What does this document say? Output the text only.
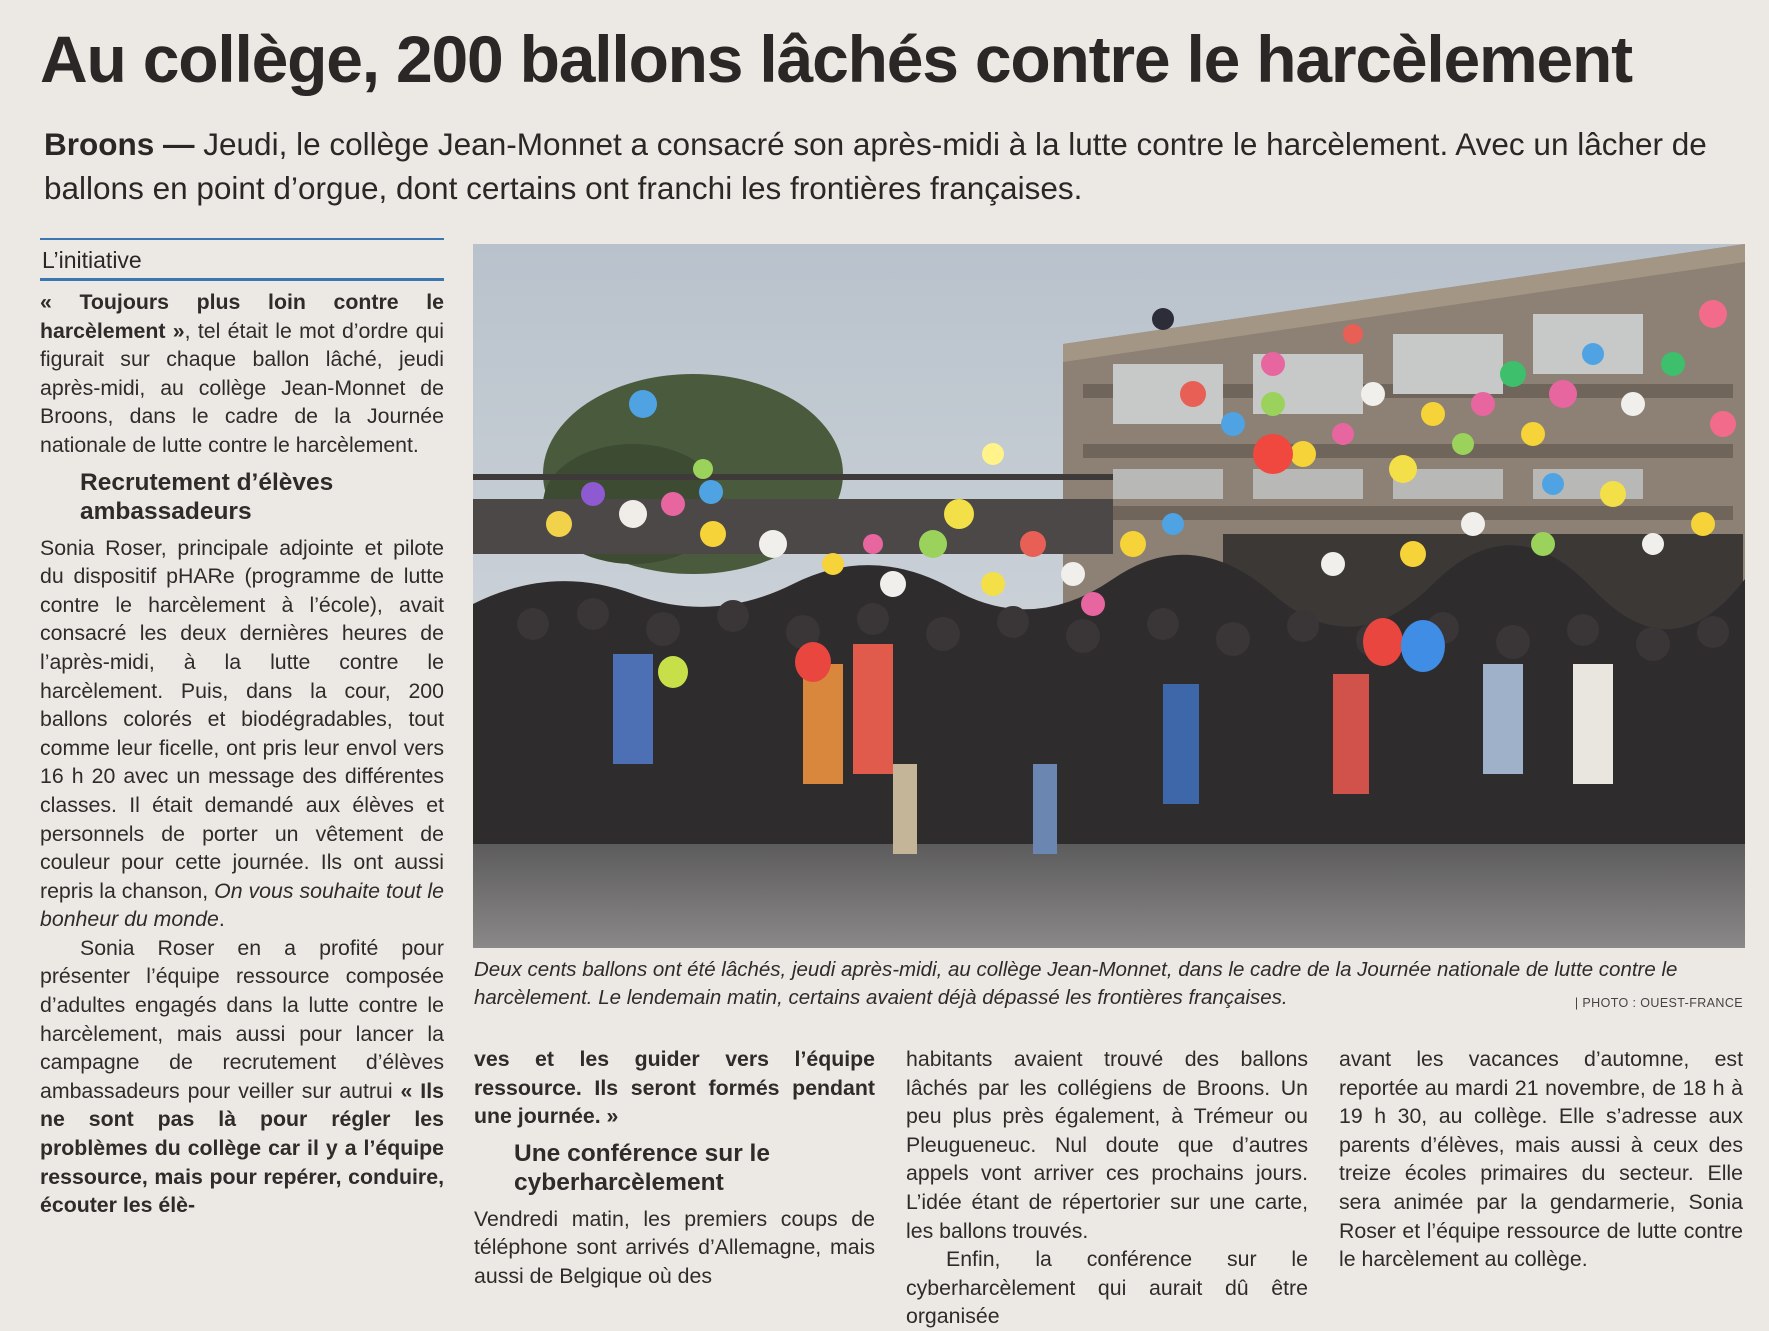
Au collège, 200 ballons lâchés contre le harcèlement

Broons — Jeudi, le collège Jean-Monnet a consacré son après-midi à la lutte contre le harcèlement. Avec un lâcher de ballons en point d’orgue, dont certains ont franchi les frontières françaises.

L’initiative

« Toujours plus loin contre le harcèlement », tel était le mot d’ordre qui figurait sur chaque ballon lâché, jeudi après-midi, au collège Jean-Monnet de Broons, dans le cadre de la Journée nationale de lutte contre le harcèlement.

Recrutement d’élèves ambassadeurs

Sonia Roser, principale adjointe et pilote du dispositif pHARe (programme de lutte contre le harcèlement à l’école), avait consacré les deux dernières heures de l’après-midi, à la lutte contre le harcèlement. Puis, dans la cour, 200 ballons colorés et biodégradables, tout comme leur ficelle, ont pris leur envol vers 16 h 20 avec un message des différentes classes. Il était demandé aux élèves et personnels de porter un vêtement de couleur pour cette journée. Ils ont aussi repris la chanson, On vous souhaite tout le bonheur du monde.

Sonia Roser en a profité pour présenter l’équipe ressource composée d’adultes engagés dans la lutte contre le harcèlement, mais aussi pour lancer la campagne de recrutement d’élèves ambassadeurs pour veiller sur autrui « Ils ne sont pas là pour régler les problèmes du collège car il y a l’équipe ressource, mais pour repérer, conduire, écouter les élè-

ves et les guider vers l’équipe ressource. Ils seront formés pendant une journée. »

Une conférence sur le cyberharcèlement

Vendredi matin, les premiers coups de téléphone sont arrivés d’Allemagne, mais aussi de Belgique où des

habitants avaient trouvé des ballons lâchés par les collégiens de Broons. Un peu plus près également, à Trémeur ou Pleugueneuc. Nul doute que d’autres appels vont arriver ces prochains jours. L’idée étant de répertorier sur une carte, les ballons trouvés.

Enfin, la conférence sur le cyberharcèlement qui aurait dû être organisée

avant les vacances d’automne, est reportée au mardi 21 novembre, de 18 h à 19 h 30, au collège. Elle s’adresse aux parents d’élèves, mais aussi à ceux des treize écoles primaires du secteur. Elle sera animée par la gendarmerie, Sonia Roser et l’équipe ressource de lutte contre le harcèlement au collège.

Deux cents ballons ont été lâchés, jeudi après-midi, au collège Jean-Monnet, dans le cadre de la Journée nationale de lutte contre le harcèlement. Le lendemain matin, certains avaient déjà dépassé les frontières françaises.	| PHOTO : OUEST-FRANCE
